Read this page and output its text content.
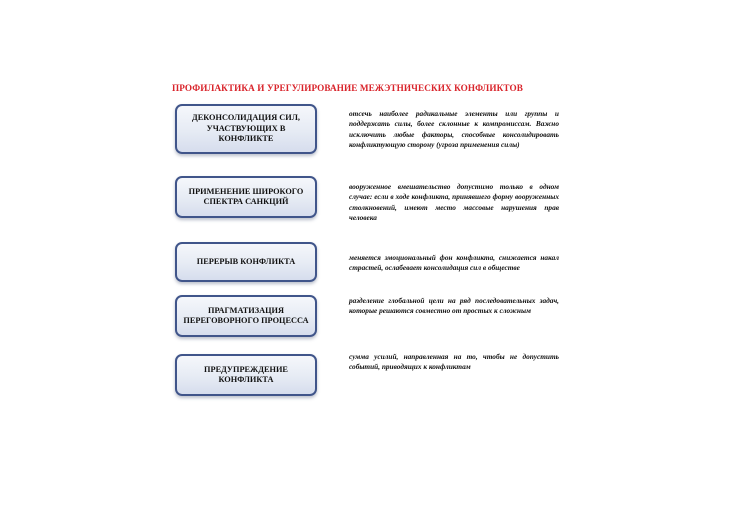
ПРОФИЛАКТИКА И УРЕГУЛИРОВАНИЕ МЕЖЭТНИЧЕСКИХ КОНФЛИКТОВ
ДЕКОНСОЛИДАЦИЯ СИЛ, УЧАСТВУЮЩИХ В КОНФЛИКТЕ
отсечь наиболее радикальные элементы или группы и поддержать силы, более склонные к компромиссам. Важно исключить любые факторы, способные консолидировать конфликтующую сторону (угроза применения силы)
ПРИМЕНЕНИЕ ШИРОКОГО СПЕКТРА САНКЦИЙ
вооруженное вмешательство допустимо только в одном случае: если в ходе конфликта, принявшего форму вооруженных столкновений, имеют место массовые нарушения прав человека
ПЕРЕРЫВ КОНФЛИКТА	меняется эмоциональный фон конфликта, снижается накал страстей, ослабевает консолидация сил в обществе
ПРАГМАТИЗАЦИЯ ПЕРЕГОВОРНОГО ПРОЦЕССА
разделение глобальной цели на ряд последовательных задач, которые решаются совместно от простых к сложным
ПРЕДУПРЕЖДЕНИЕ КОНФЛИКТА
сумма усилий, направленная на то, чтобы не допустить событий, приводящих к конфликтам
